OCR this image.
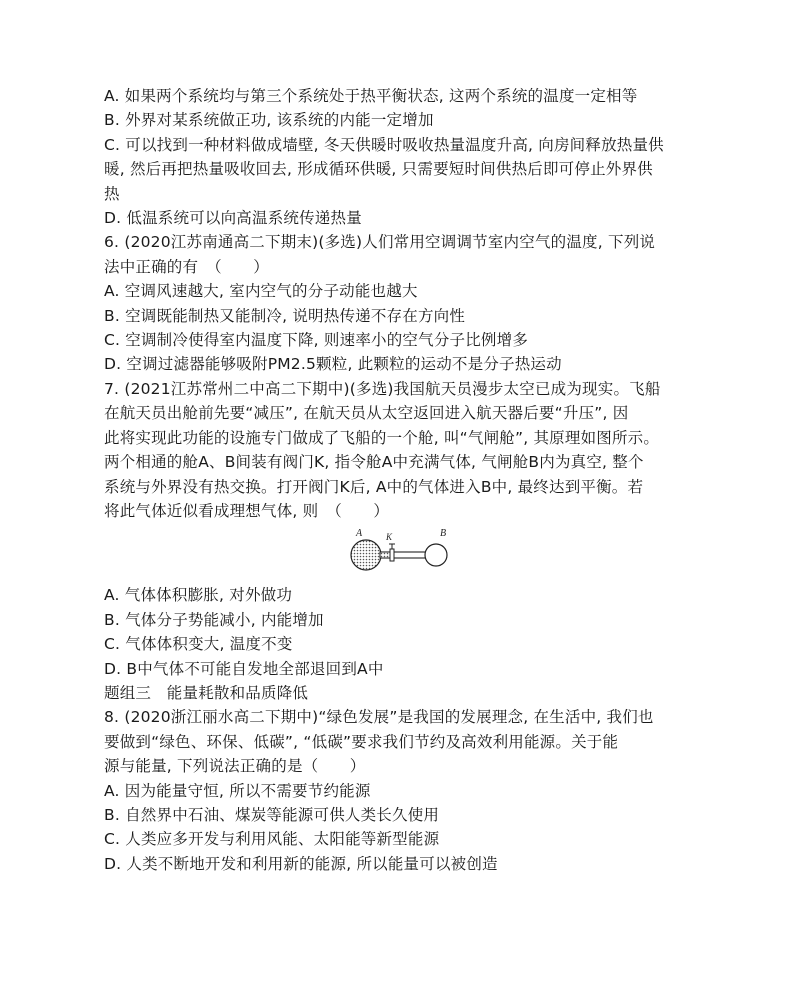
A. 如果两个系统均与第三个系统处于热平衡状态, 这两个系统的温度一定相等
B. 外界对某系统做正功, 该系统的内能一定增加
C. 可以找到一种材料做成墙壁, 冬天供暖时吸收热量温度升高, 向房间释放热量供
暖, 然后再把热量吸收回去, 形成循环供暖, 只需要短时间供热后即可停止外界供
热
D. 低温系统可以向高温系统传递热量
6. (2020江苏南通高二下期末)(多选)人们常用空调调节室内空气的温度, 下列说
法中正确的有　（　　）
A. 空调风速越大, 室内空气的分子动能也越大
B. 空调既能制热又能制冷, 说明热传递不存在方向性
C. 空调制冷使得室内温度下降, 则速率小的空气分子比例增多
D. 空调过滤器能够吸附PM2.5颗粒, 此颗粒的运动不是分子热运动
7. (2021江苏常州二中高二下期中)(多选)我国航天员漫步太空已成为现实。飞船
在航天员出舱前先要“减压”, 在航天员从太空返回进入航天器后要“升压”, 因
此将实现此功能的设施专门做成了飞船的一个舱, 叫“气闸舱”, 其原理如图所示。
两个相通的舱A、B间装有阀门K, 指令舱A中充满气体, 气闸舱B内为真空, 整个
系统与外界没有热交换。打开阀门K后, A中的气体进入B中, 最终达到平衡。若
将此气体近似看成理想气体, 则　（　　）
A	K	B
A. 气体体积膨胀, 对外做功
B. 气体分子势能减小, 内能增加
C. 气体体积变大, 温度不变
D. B中气体不可能自发地全部退回到A中
题组三　能量耗散和品质降低
8. (2020浙江丽水高二下期中)“绿色发展”是我国的发展理念, 在生活中, 我们也
要做到“绿色、环保、低碳”, “低碳”要求我们节约及高效利用能源。关于能
源与能量, 下列说法正确的是（　　）
A. 因为能量守恒, 所以不需要节约能源
B. 自然界中石油、煤炭等能源可供人类长久使用
C. 人类应多开发与利用风能、太阳能等新型能源
D. 人类不断地开发和利用新的能源, 所以能量可以被创造
